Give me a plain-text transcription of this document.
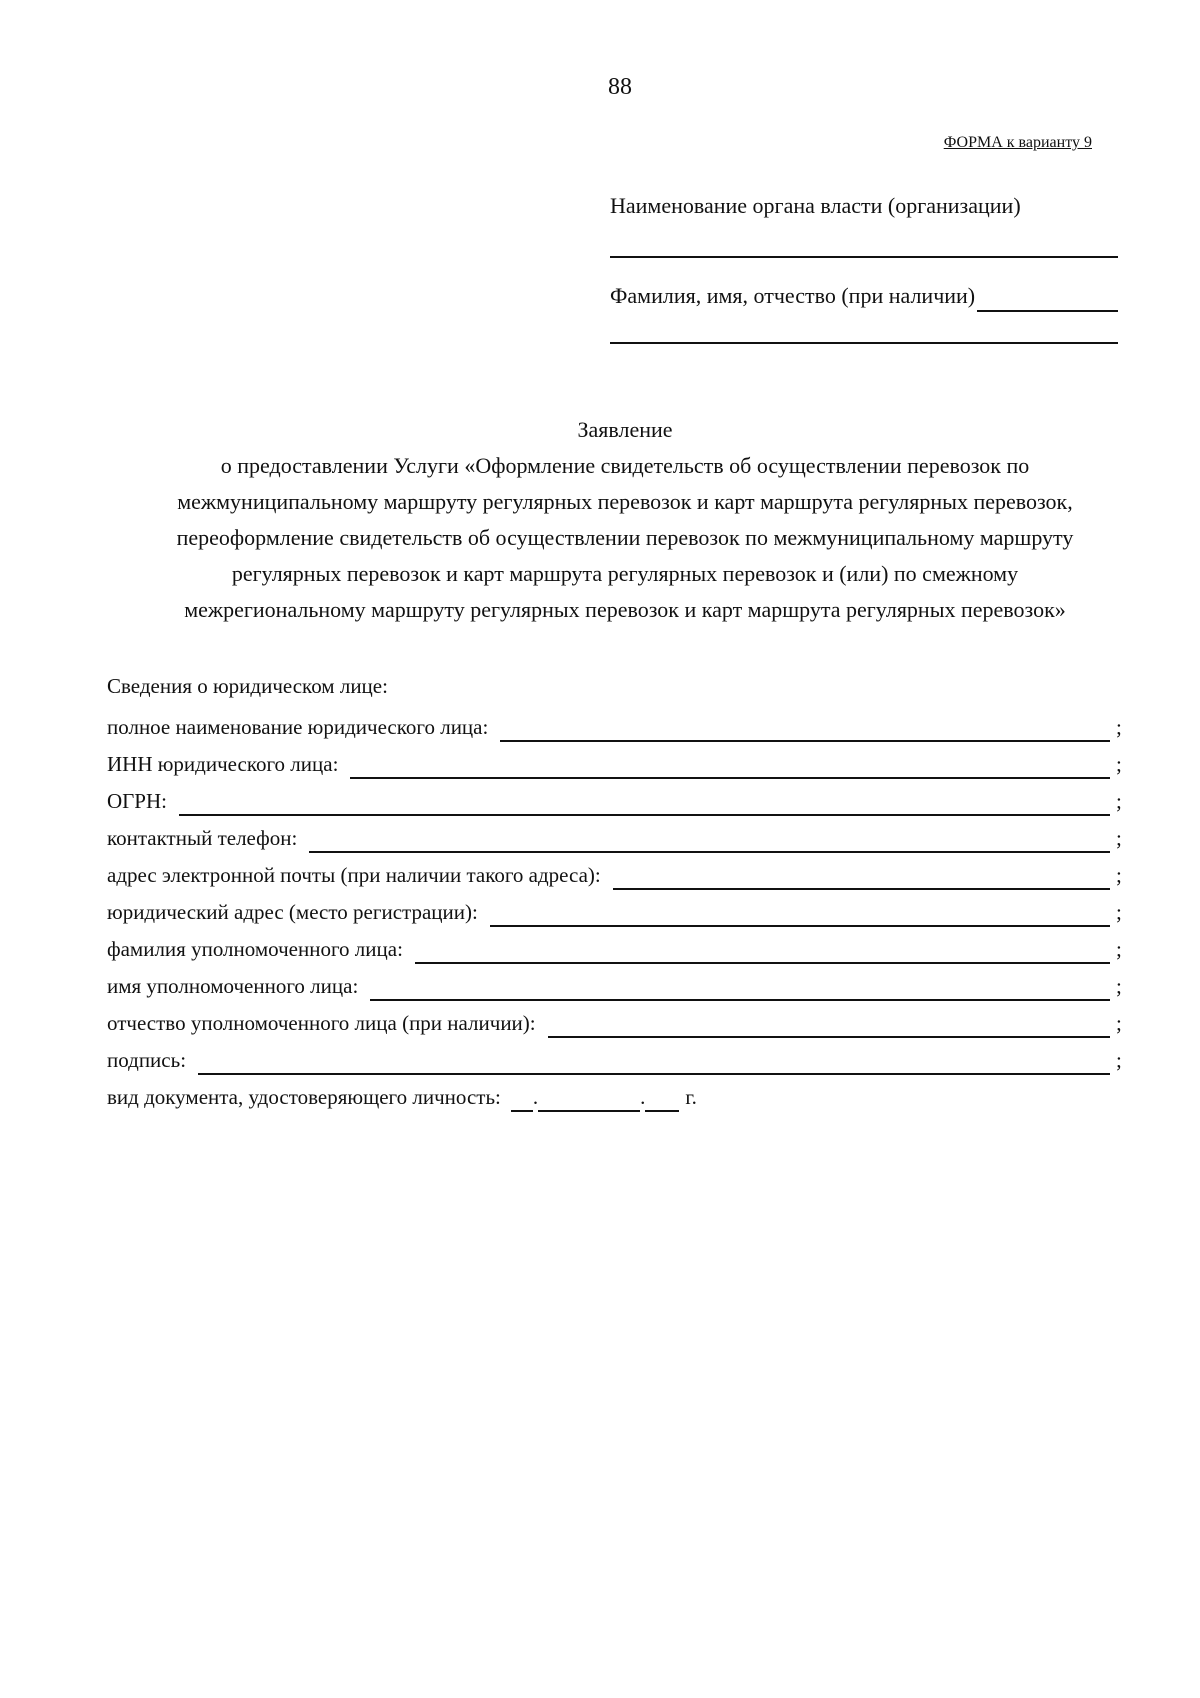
88
ФОРМА к варианту 9
Наименование органа власти (организации)
Фамилия, имя, отчество (при наличии)
Заявление
о предоставлении Услуги «Оформление свидетельств об осуществлении перевозок по
межмуниципальному маршруту регулярных перевозок и карт маршрута регулярных перевозок,
переоформление свидетельств об осуществлении перевозок по межмуниципальному маршруту
регулярных перевозок и карт маршрута регулярных перевозок и (или) по смежному
межрегиональному маршруту регулярных перевозок и карт маршрута регулярных перевозок»
Сведения о юридическом лице:
полное наименование юридического лица:	;
ИНН юридического лица:	;
ОГРН:	;
контактный телефон:	;
адрес электронной почты (при наличии такого адреса):	;
юридический адрес (место регистрации):	;
фамилия уполномоченного лица:	;
имя уполномоченного лица:	;
отчество уполномоченного лица (при наличии):	;
подпись:	;
вид документа, удостоверяющего личность: .	. г.
